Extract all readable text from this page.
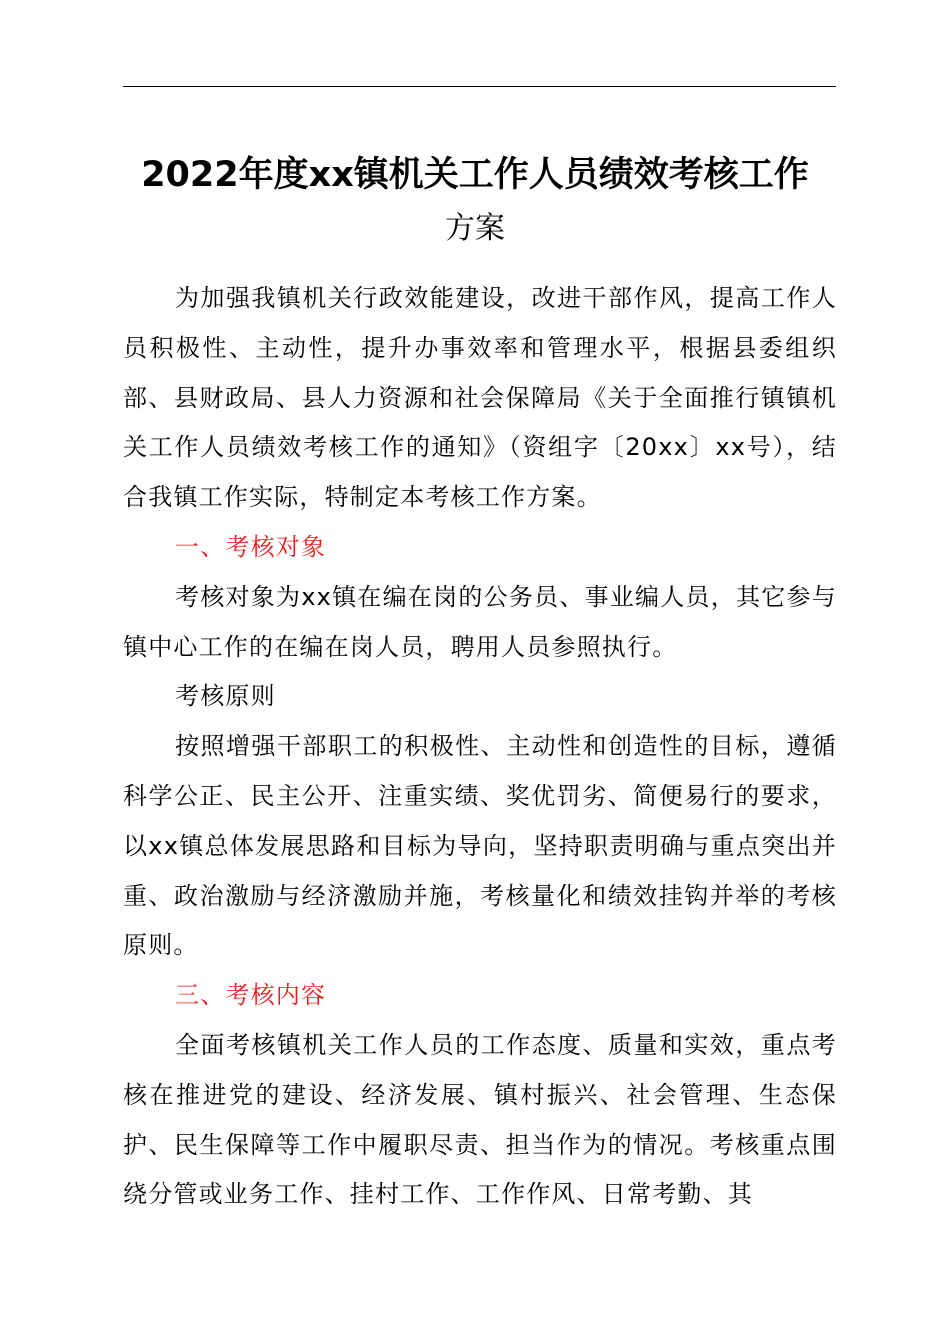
2022年度xx镇机关工作人员绩效考核工作
方案

为加强我镇机关行政效能建设，改进干部作风，提高工作人员积极性、主动性，提升办事效率和管理水平，根据县委组织部、县财政局、县人力资源和社会保障局《关于全面推行镇镇机关工作人员绩效考核工作的通知》（资组字〔20xx〕xx号），结合我镇工作实际，特制定本考核工作方案。

一、考核对象

考核对象为xx镇在编在岗的公务员、事业编人员，其它参与镇中心工作的在编在岗人员，聘用人员参照执行。

考核原则

按照增强干部职工的积极性、主动性和创造性的目标，遵循科学公正、民主公开、注重实绩、奖优罚劣、简便易行的要求，以xx镇总体发展思路和目标为导向，坚持职责明确与重点突出并重、政治激励与经济激励并施，考核量化和绩效挂钩并举的考核原则。

三、考核内容

全面考核镇机关工作人员的工作态度、质量和实效，重点考核在推进党的建设、经济发展、镇村振兴、社会管理、生态保护、民生保障等工作中履职尽责、担当作为的情况。考核重点围绕分管或业务工作、挂村工作、工作作风、日常考勤、其
